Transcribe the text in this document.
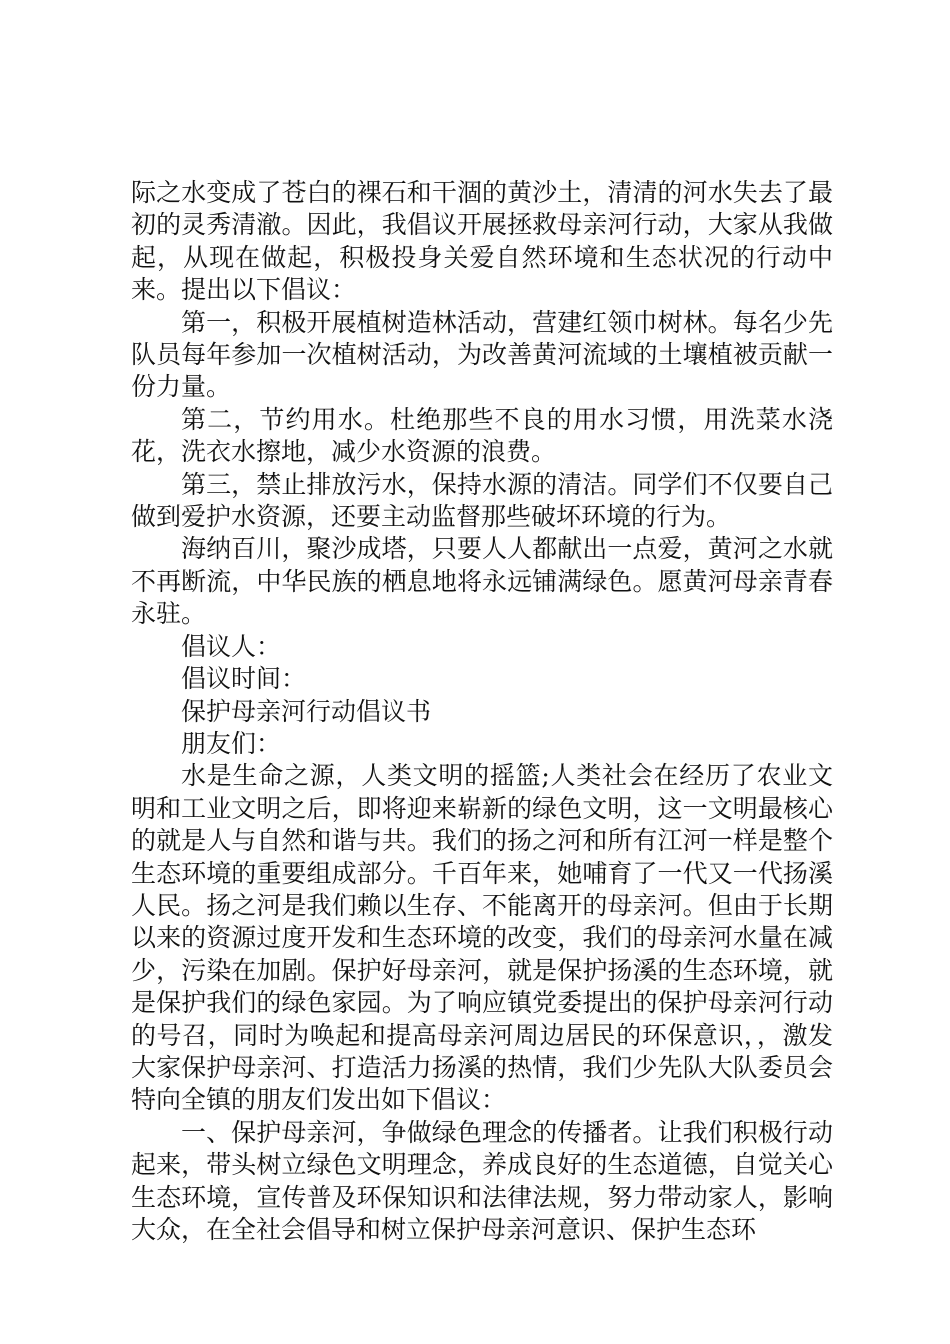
际之水变成了苍白的裸石和干涸的黄沙土，清清的河水失去了最初的灵秀清澈。因此，我倡议开展拯救母亲河行动，大家从我做起，从现在做起，积极投身关爱自然环境和生态状况的行动中来。提出以下倡议：

第一，积极开展植树造林活动，营建红领巾树林。每名少先队员每年参加一次植树活动，为改善黄河流域的土壤植被贡献一份力量。

第二，节约用水。杜绝那些不良的用水习惯，用洗菜水浇花，洗衣水擦地，减少水资源的浪费。

第三，禁止排放污水，保持水源的清洁。同学们不仅要自己做到爱护水资源，还要主动监督那些破坏环境的行为。

海纳百川，聚沙成塔，只要人人都献出一点爱，黄河之水就不再断流，中华民族的栖息地将永远铺满绿色。愿黄河母亲青春永驻。

倡议人：

倡议时间：

保护母亲河行动倡议书

朋友们：

水是生命之源，人类文明的摇篮;人类社会在经历了农业文明和工业文明之后，即将迎来崭新的绿色文明，这一文明最核心的就是人与自然和谐与共。我们的扬之河和所有江河一样是整个生态环境的重要组成部分。千百年来，她哺育了一代又一代扬溪人民。扬之河是我们赖以生存、不能离开的母亲河。但由于长期以来的资源过度开发和生态环境的改变，我们的母亲河水量在减少，污染在加剧。保护好母亲河，就是保护扬溪的生态环境，就是保护我们的绿色家园。为了响应镇党委提出的保护母亲河行动的号召，同时为唤起和提高母亲河周边居民的环保意识，，激发大家保护母亲河、打造活力扬溪的热情，我们少先队大队委员会特向全镇的朋友们发出如下倡议：

一、保护母亲河，争做绿色理念的传播者。让我们积极行动起来，带头树立绿色文明理念，养成良好的生态道德，自觉关心生态环境，宣传普及环保知识和法律法规，努力带动家人，影响大众，在全社会倡导和树立保护母亲河意识、保护生态环
